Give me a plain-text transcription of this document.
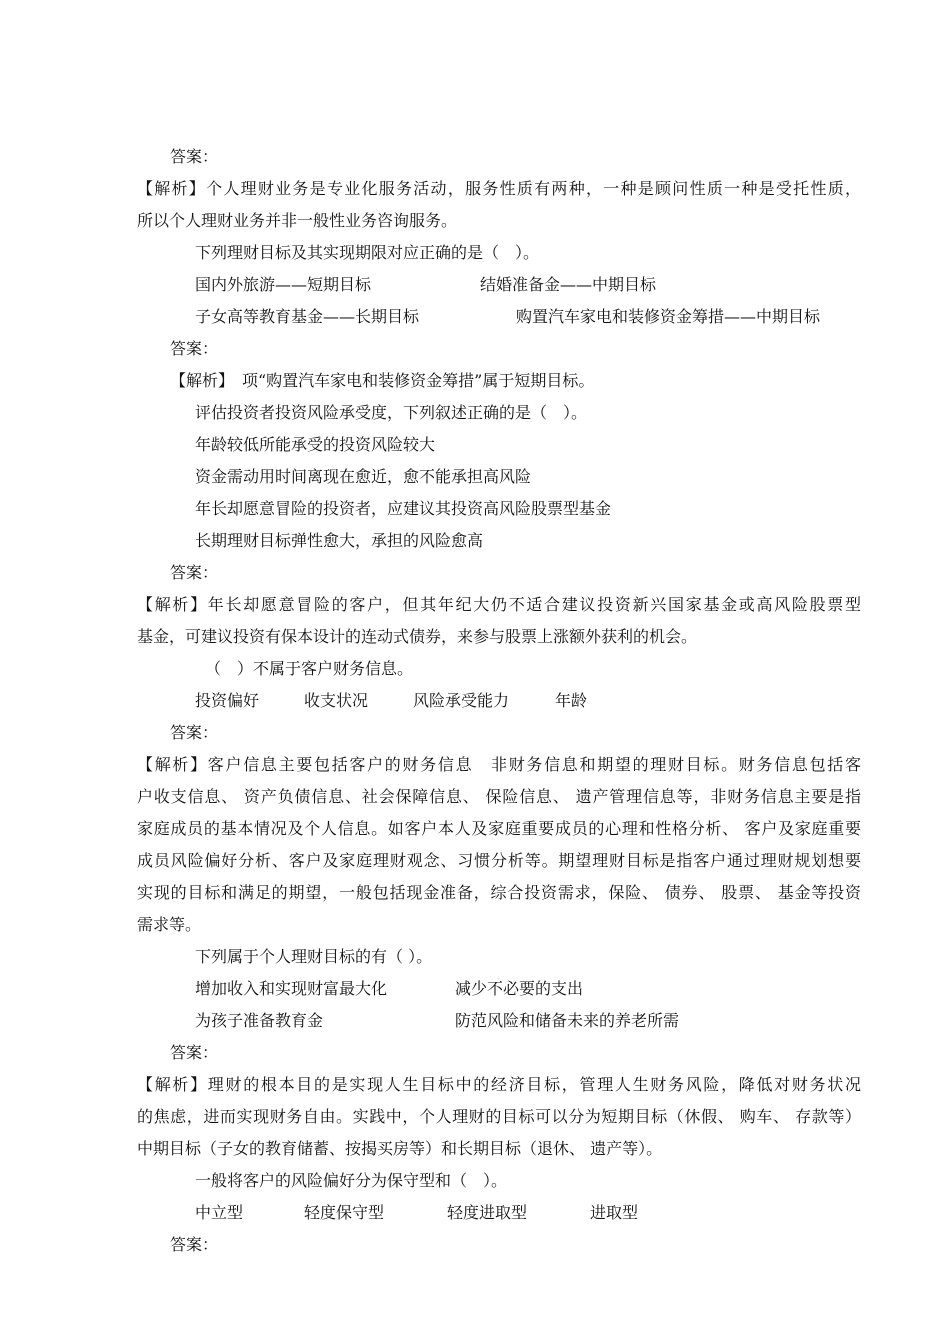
答案：
【解析】个人理财业务是专业化服务活动，服务性质有两种，一种是顾问性质一种是受托性质，
所以个人理财业务并非一般性业务咨询服务。
下列理财目标及其实现期限对应正确的是（　）。
国内外旅游——短期目标	结婚准备金——中期目标
子女高等教育基金——长期目标	购置汽车家电和装修资金筹措——中期目标
答案：
【解析】　项“购置汽车家电和装修资金筹措”属于短期目标。
评估投资者投资风险承受度，下列叙述正确的是（　）。
年龄较低所能承受的投资风险较大
资金需动用时间离现在愈近，愈不能承担高风险
年长却愿意冒险的投资者，应建议其投资高风险股票型基金
长期理财目标弹性愈大，承担的风险愈高
答案：
【解析】年长却愿意冒险的客户，但其年纪大仍不适合建议投资新兴国家基金或高风险股票型
基金，可建议投资有保本设计的连动式债券，来参与股票上涨额外获利的机会。
（　）不属于客户财务信息。
投资偏好	收支状况	风险承受能力	年龄
答案：
【解析】客户信息主要包括客户的财务信息　非财务信息和期望的理财目标。财务信息包括客
户收支信息、 资产负债信息、社会保障信息、 保险信息、 遗产管理信息等，非财务信息主要是指
家庭成员的基本情况及个人信息。如客户本人及家庭重要成员的心理和性格分析、 客户及家庭重要
成员风险偏好分析、客户及家庭理财观念、习惯分析等。期望理财目标是指客户通过理财规划想要
实现的目标和满足的期望，一般包括现金准备，综合投资需求，保险、 债券、 股票、 基金等投资
需求等。
下列属于个人理财目标的有（ ）。
增加收入和实现财富最大化	减少不必要的支出
为孩子准备教育金	防范风险和储备未来的养老所需
答案：
【解析】理财的根本目的是实现人生目标中的经济目标，管理人生财务风险，降低对财务状况
的焦虑，进而实现财务自由。实践中，个人理财的目标可以分为短期目标（休假、 购车、 存款等）
中期目标（子女的教育储蓄、按揭买房等）和长期目标（退休、 遗产等）。
一般将客户的风险偏好分为保守型和（　）。
中立型	轻度保守型	轻度进取型	进取型
答案：
